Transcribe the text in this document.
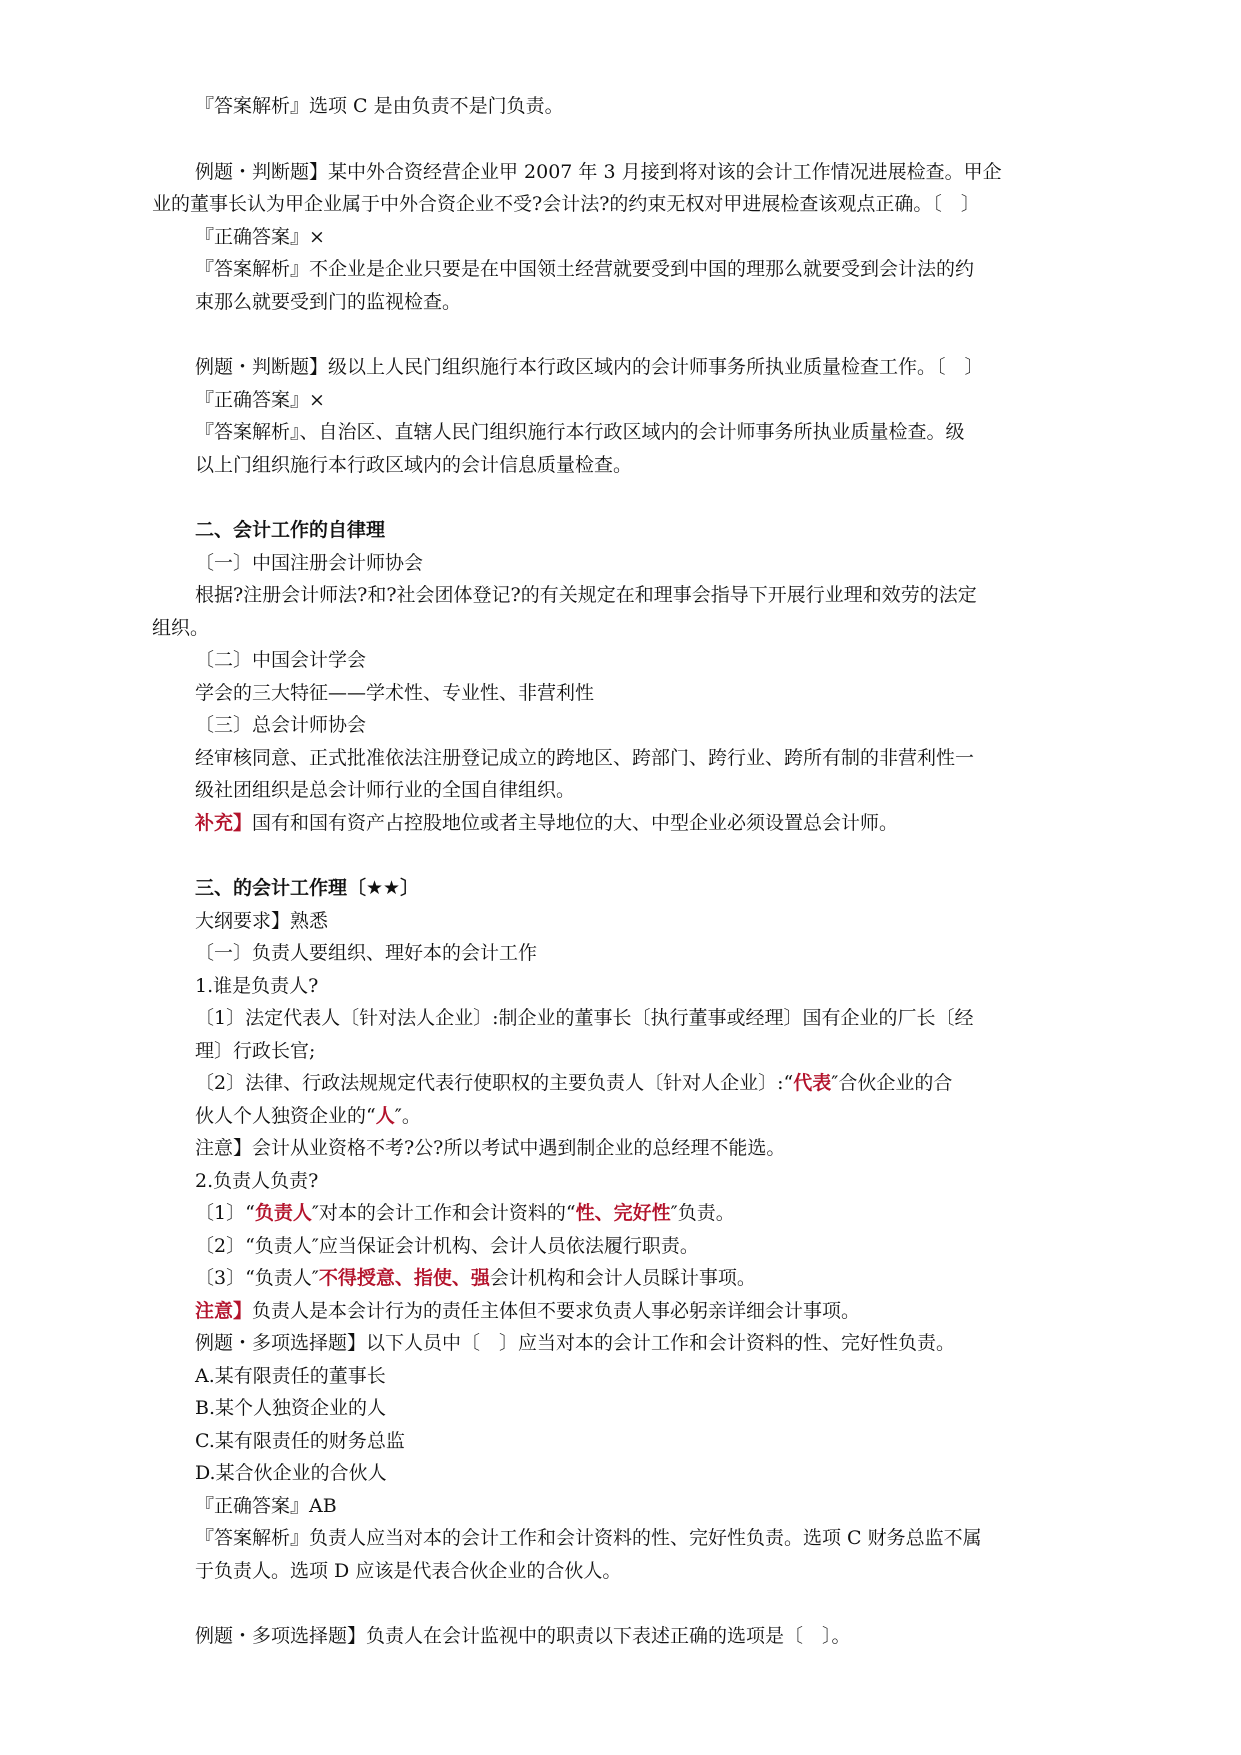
『答案解析』选项 C 是由负责不是门负责。

例题・判断题】某中外合资经营企业甲 2007 年 3 月接到将对该的会计工作情况进展检查。甲企

业的董事长认为甲企业属于中外合资企业不受?会计法?的约束无权对甲进展检查该观点正确。〔　〕

『正确答案』×

『答案解析』不企业是企业只要是在中国领土经营就要受到中国的理那么就要受到会计法的约

束那么就要受到门的监视检查。

例题・判断题】级以上人民门组织施行本行政区域内的会计师事务所执业质量检查工作。〔　〕

『正确答案』×

『答案解析』、自治区、直辖人民门组织施行本行政区域内的会计师事务所执业质量检查。级

以上门组织施行本行政区域内的会计信息质量检查。

二、会计工作的自律理

〔一〕中国注册会计师协会

根据?注册会计师法?和?社会团体登记?的有关规定在和理事会指导下开展行业理和效劳的法定

组织。

〔二〕中国会计学会

学会的三大特征——学术性、专业性、非营利性

〔三〕总会计师协会

经审核同意、正式批准依法注册登记成立的跨地区、跨部门、跨行业、跨所有制的非营利性一

级社团组织是总会计师行业的全国自律组织。

补充】国有和国有资产占控股地位或者主导地位的大、中型企业必须设置总会计师。

三、的会计工作理〔★★〕

大纲要求】熟悉

〔一〕负责人要组织、理好本的会计工作

1.谁是负责人?

〔1〕法定代表人〔针对法人企业〕:制企业的董事长〔执行董事或经理〕国有企业的厂长〔经

理〕行政长官;

〔2〕法律、行政法规规定代表行使职权的主要负责人〔针对人企业〕:“代表″合伙企业的合

伙人个人独资企业的“人″。

注意】会计从业资格不考?公?所以考试中遇到制企业的总经理不能选。

2.负责人负责?

〔1〕“负责人″对本的会计工作和会计资料的“性、完好性″负责。

〔2〕“负责人″应当保证会计机构、会计人员依法履行职责。

〔3〕“负责人″不得授意、指使、强会计机构和会计人员睬计事项。

注意】负责人是本会计行为的责任主体但不要求负责人事必躬亲详细会计事项。

例题・多项选择题】以下人员中〔　〕应当对本的会计工作和会计资料的性、完好性负责。

A.某有限责任的董事长

B.某个人独资企业的人

C.某有限责任的财务总监

D.某合伙企业的合伙人

『正确答案』AB

『答案解析』负责人应当对本的会计工作和会计资料的性、完好性负责。选项 C 财务总监不属

于负责人。选项 D 应该是代表合伙企业的合伙人。

例题・多项选择题】负责人在会计监视中的职责以下表述正确的选项是〔　〕。
